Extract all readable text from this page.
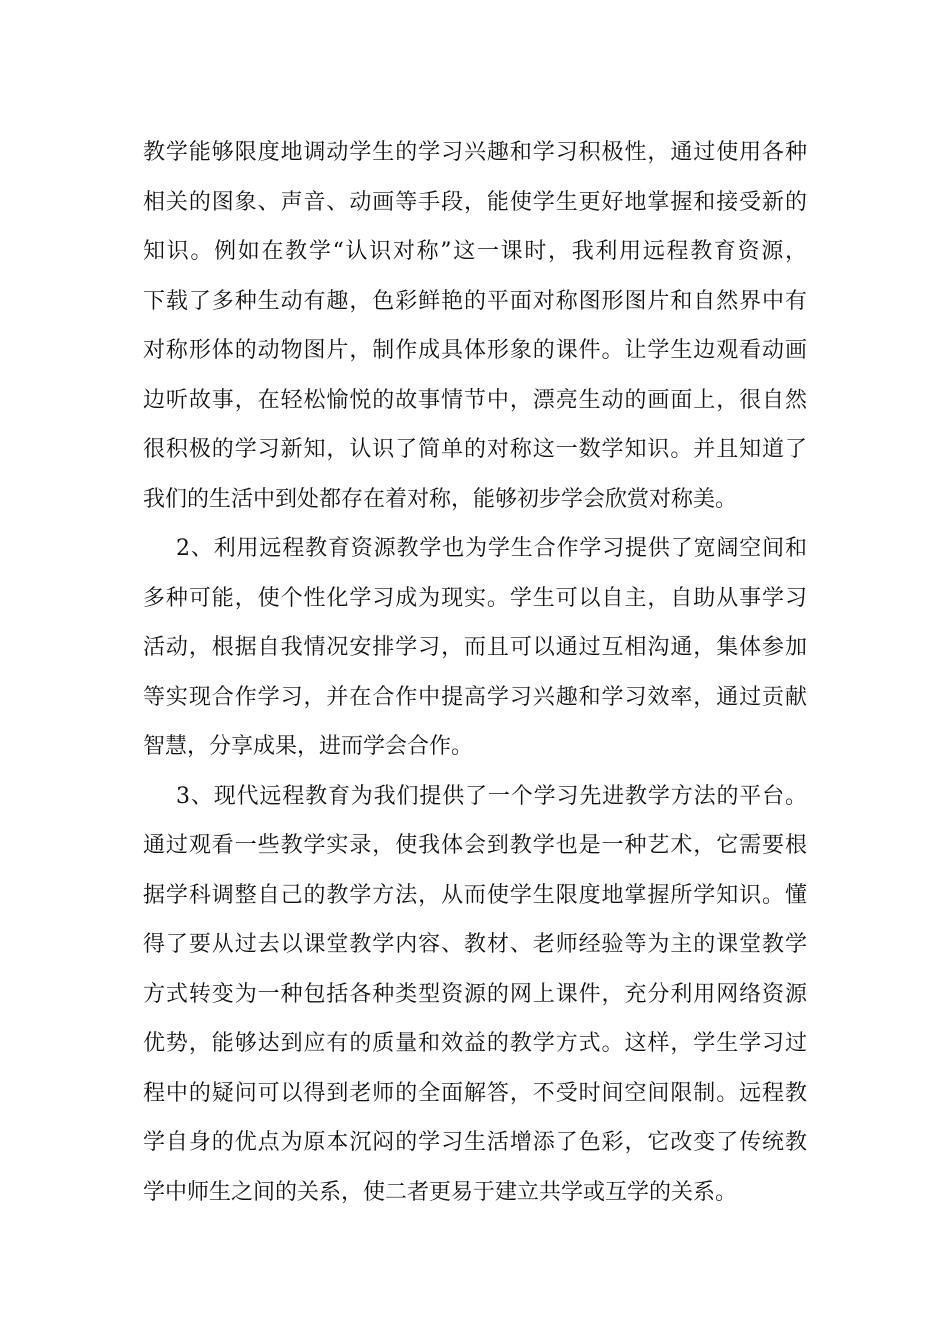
教学能够限度地调动学生的学习兴趣和学习积极性，通过使用各种
相关的图象、声音、动画等手段，能使学生更好地掌握和接受新的
知识。例如在教学“认识对称”这一课时，我利用远程教育资源，
下载了多种生动有趣，色彩鲜艳的平面对称图形图片和自然界中有
对称形体的动物图片，制作成具体形象的课件。让学生边观看动画
边听故事，在轻松愉悦的故事情节中，漂亮生动的画面上，很自然
很积极的学习新知，认识了简单的对称这一数学知识。并且知道了
我们的生活中到处都存在着对称，能够初步学会欣赏对称美。
2、利用远程教育资源教学也为学生合作学习提供了宽阔空间和
多种可能，使个性化学习成为现实。学生可以自主，自助从事学习
活动，根据自我情况安排学习，而且可以通过互相沟通，集体参加
等实现合作学习，并在合作中提高学习兴趣和学习效率，通过贡献
智慧，分享成果，进而学会合作。
3、现代远程教育为我们提供了一个学习先进教学方法的平台。
通过观看一些教学实录，使我体会到教学也是一种艺术，它需要根
据学科调整自己的教学方法，从而使学生限度地掌握所学知识。懂
得了要从过去以课堂教学内容、教材、老师经验等为主的课堂教学
方式转变为一种包括各种类型资源的网上课件，充分利用网络资源
优势，能够达到应有的质量和效益的教学方式。这样，学生学习过
程中的疑问可以得到老师的全面解答，不受时间空间限制。远程教
学自身的优点为原本沉闷的学习生活增添了色彩，它改变了传统教
学中师生之间的关系，使二者更易于建立共学或互学的关系。
